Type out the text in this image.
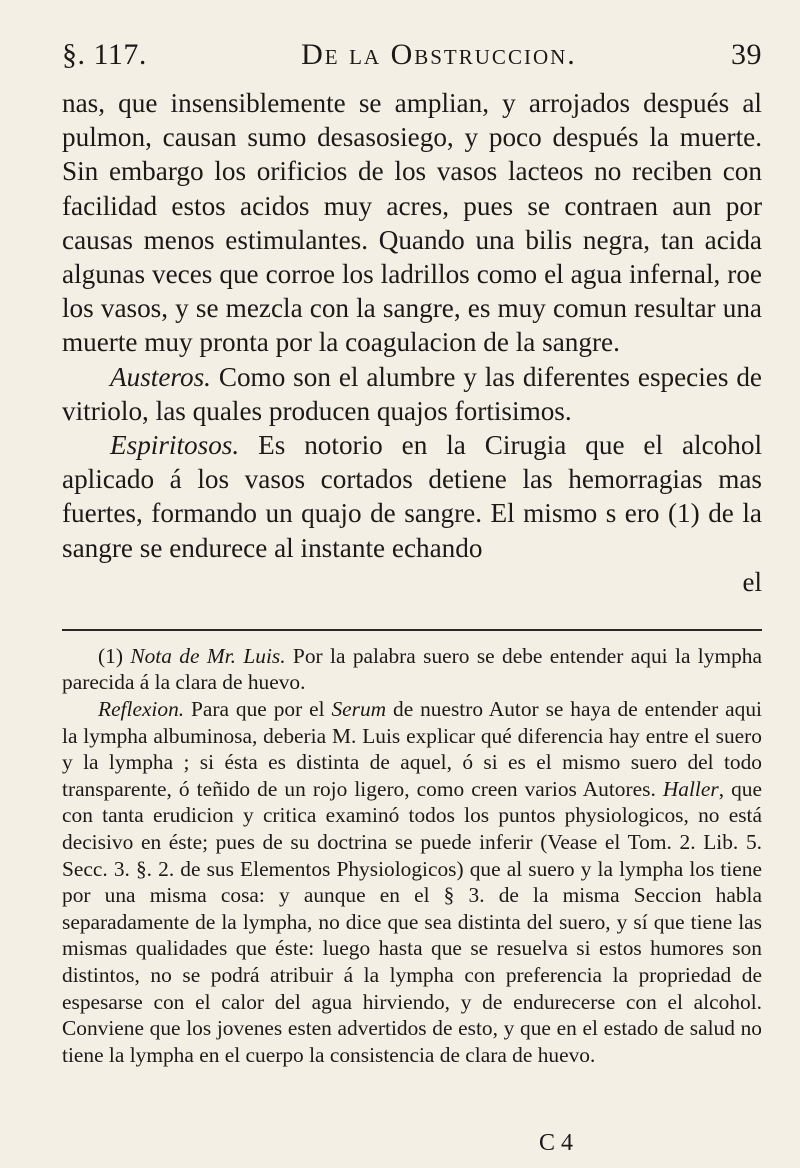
§. 117.	De la Obstruccion.	39

nas, que insensiblemente se amplian, y arrojados después al pulmon, causan sumo desasosiego, y poco después la muerte. Sin embargo los orificios de los vasos lacteos no reciben con facilidad estos acidos muy acres, pues se contraen aun por causas menos estimulantes. Quando una bilis negra, tan acida algunas veces que corroe los ladrillos como el agua infernal, roe los vasos, y se mezcla con la sangre, es muy comun resultar una muerte muy pronta por la coagulacion de la sangre.

Austeros. Como son el alumbre y las diferentes especies de vitriolo, las quales producen quajos fortisimos.

Espiritosos. Es notorio en la Cirugia que el alcohol aplicado á los vasos cortados detiene las hemorragias mas fuertes, formando un quajo de sangre. El mismo s ero (1) de la sangre se endurece al instante echando

el

(1) Nota de Mr. Luis. Por la palabra suero se debe entender aqui la lympha parecida á la clara de huevo.

Reflexion. Para que por el Serum de nuestro Autor se haya de entender aqui la lympha albuminosa, deberia M. Luis explicar qué diferencia hay entre el suero y la lympha ; si ésta es distinta de aquel, ó si es el mismo suero del todo transparente, ó teñido de un rojo ligero, como creen varios Autores. Haller, que con tanta erudicion y critica examinó todos los puntos physiologicos, no está decisivo en éste; pues de su doctrina se puede inferir (Vease el Tom. 2. Lib. 5. Secc. 3. §. 2. de sus Elementos Physiologicos) que al suero y la lympha los tiene por una misma cosa: y aunque en el § 3. de la misma Seccion habla separadamente de la lympha, no dice que sea distinta del suero, y sí que tiene las mismas qualidades que éste: luego hasta que se resuelva si estos humores son distintos, no se podrá atribuir á la lympha con preferencia la propriedad de espesarse con el calor del agua hirviendo, y de endurecerse con el alcohol. Conviene que los jovenes esten advertidos de esto, y que en el estado de salud no tiene la lympha en el cuerpo la consistencia de clara de huevo.

C 4
